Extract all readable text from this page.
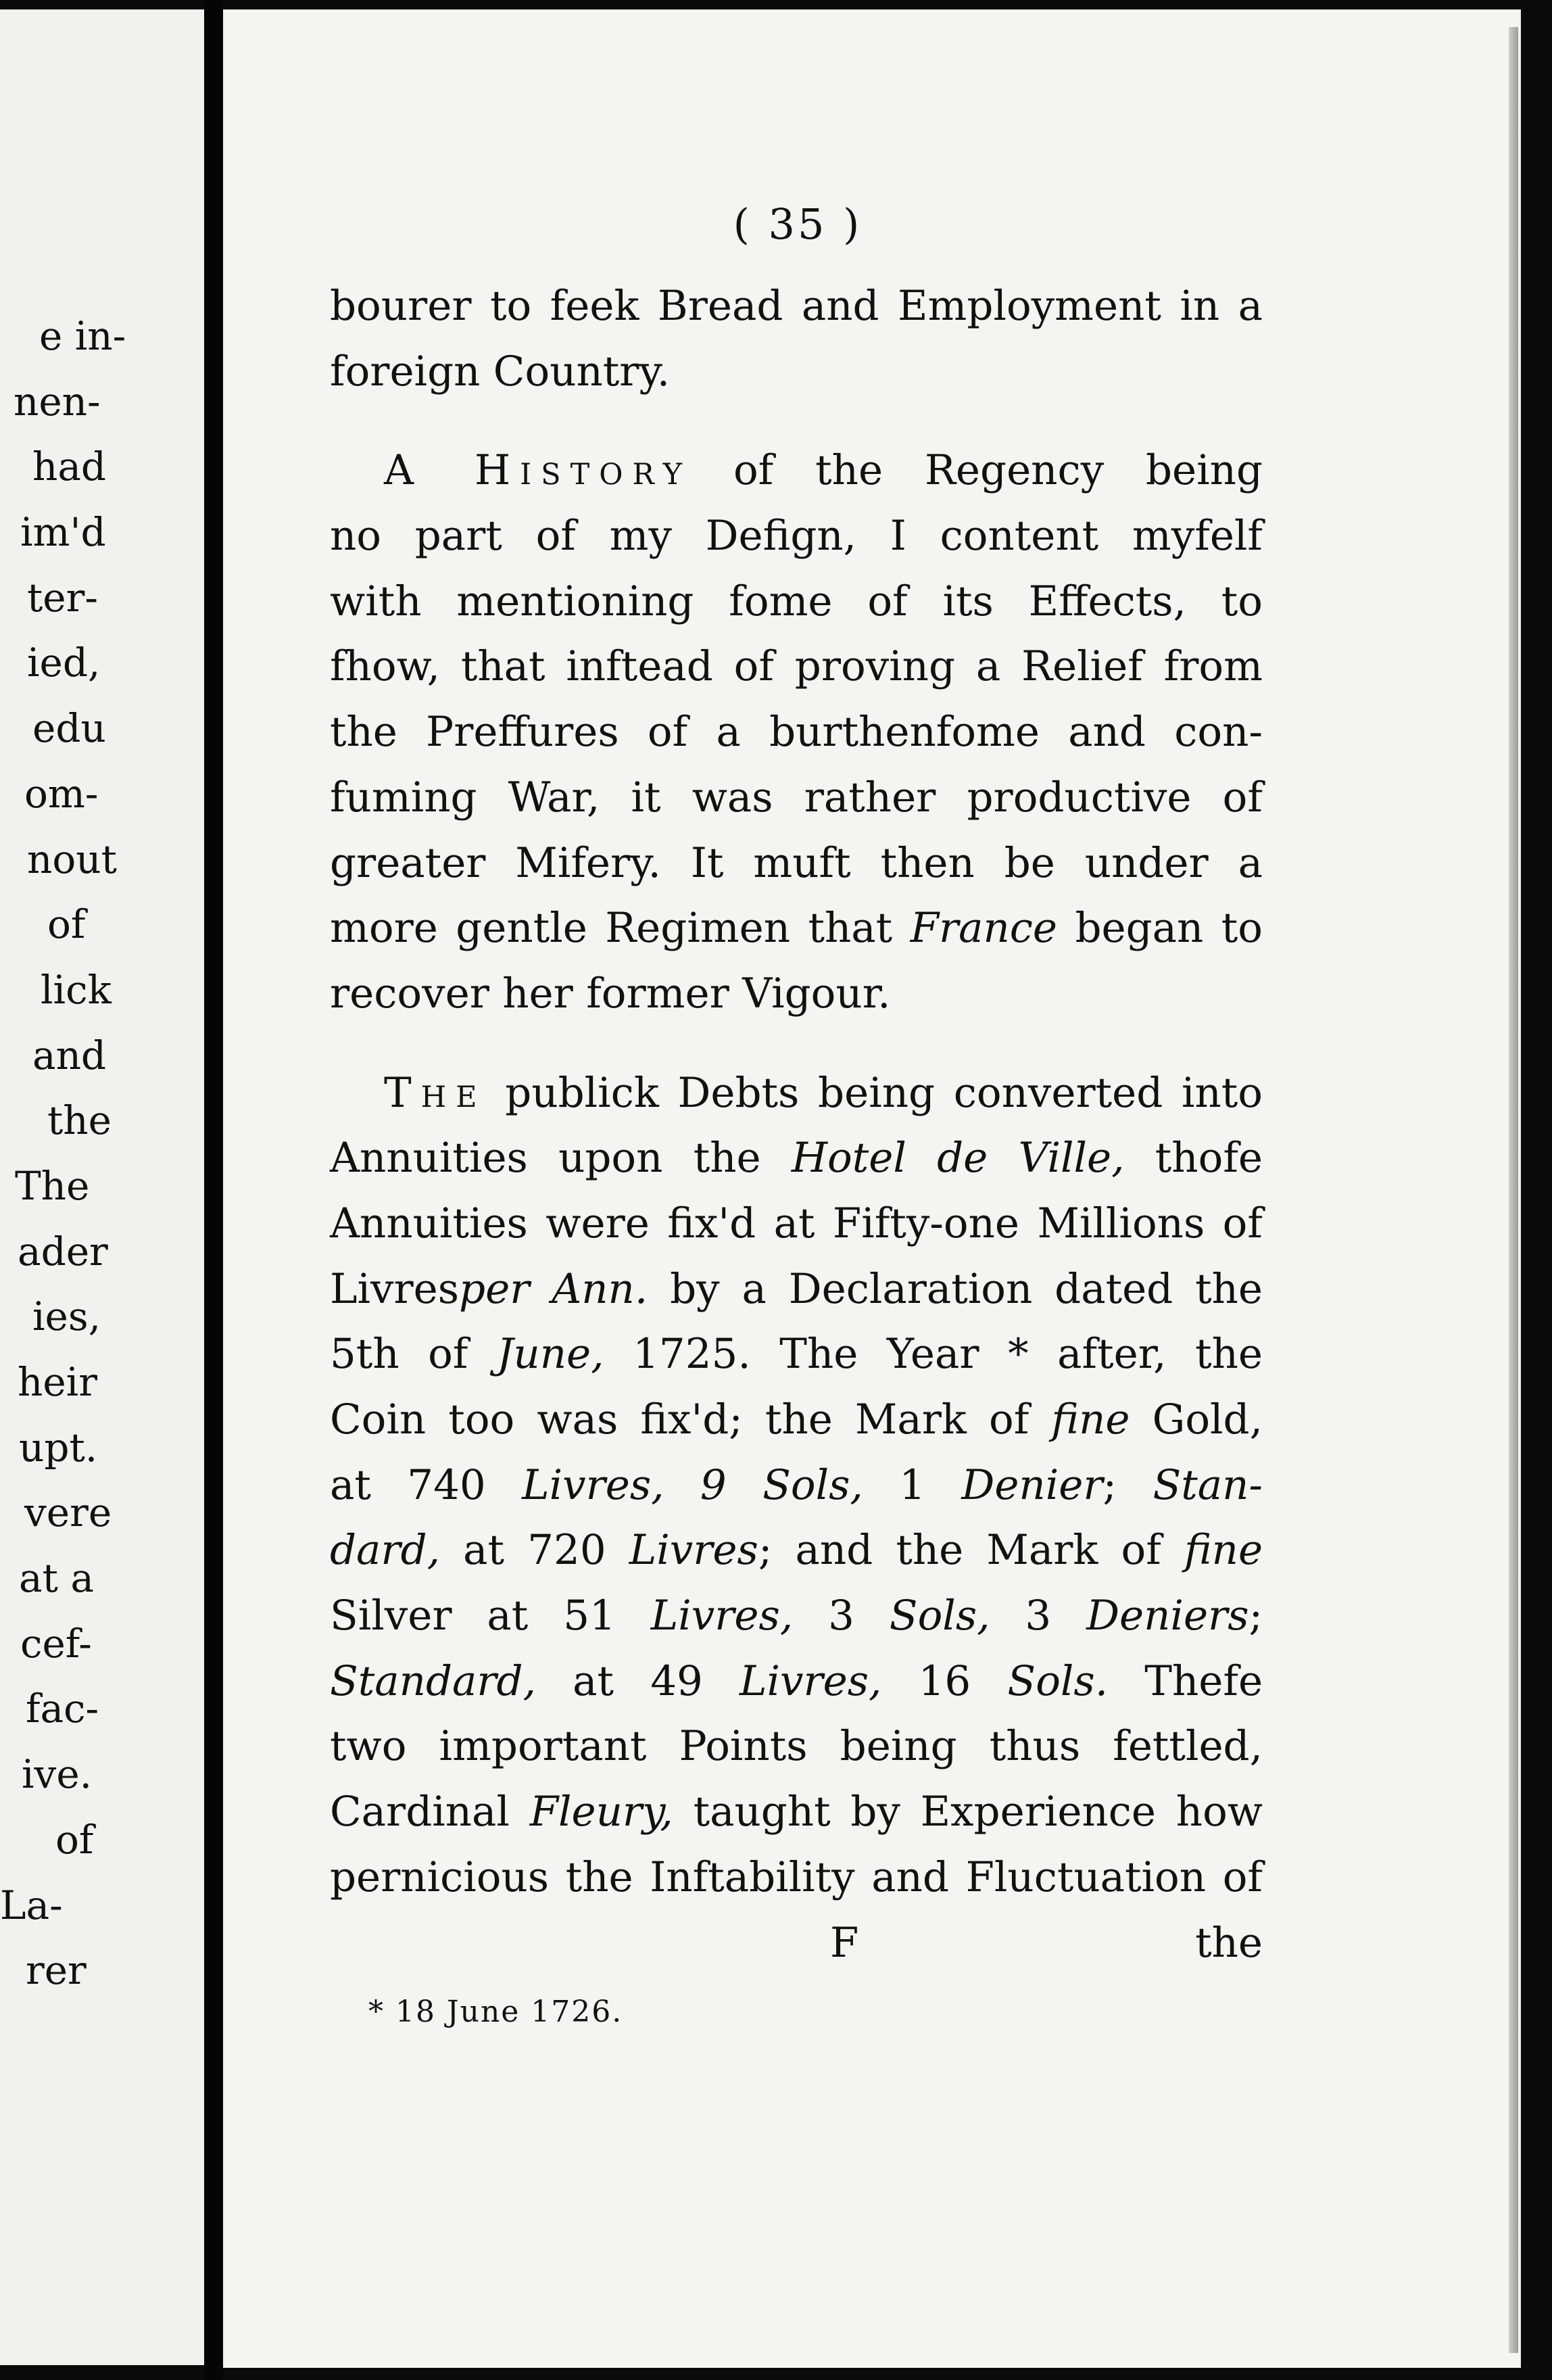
e in-
nen-
had
im'd
ter-
ied,
edu
om-
nout
of
lick
and
the
The
ader
ies,
heir
upt.
vere
at a
cef-
fac-
ive.
of
La-
rer
( 35 )
bourer to feek Bread and Employment in a
foreign Country.
A History of the Regency being
no part of my Defign, I content myfelf
with mentioning fome of its Effects, to
fhow, that inftead of proving a Relief from
the Preffures of a burthenfome and con-
fuming War, it was rather productive of
greater Mifery. It muft then be under a
more gentle Regimen that France began to
recover her former Vigour.
The publick Debts being converted into
Annuities upon the Hotel de Ville, thofe
Annuities were fix'd at Fifty-one Millions of
Livresper Ann. by a Declaration dated the
5th of June, 1725. The Year * after, the
Coin too was fix'd; the Mark of fine Gold,
at 740 Livres, 9 Sols, 1 Denier; Stan-
dard, at 720 Livres; and the Mark of fine
Silver at 51 Livres, 3 Sols, 3 Deniers;
Standard, at 49 Livres, 16 Sols. Thefe
two important Points being thus fettled,
Cardinal Fleury, taught by Experience how
pernicious the Inftability and Fluctuation of
F	the
* 18 June 1726.
